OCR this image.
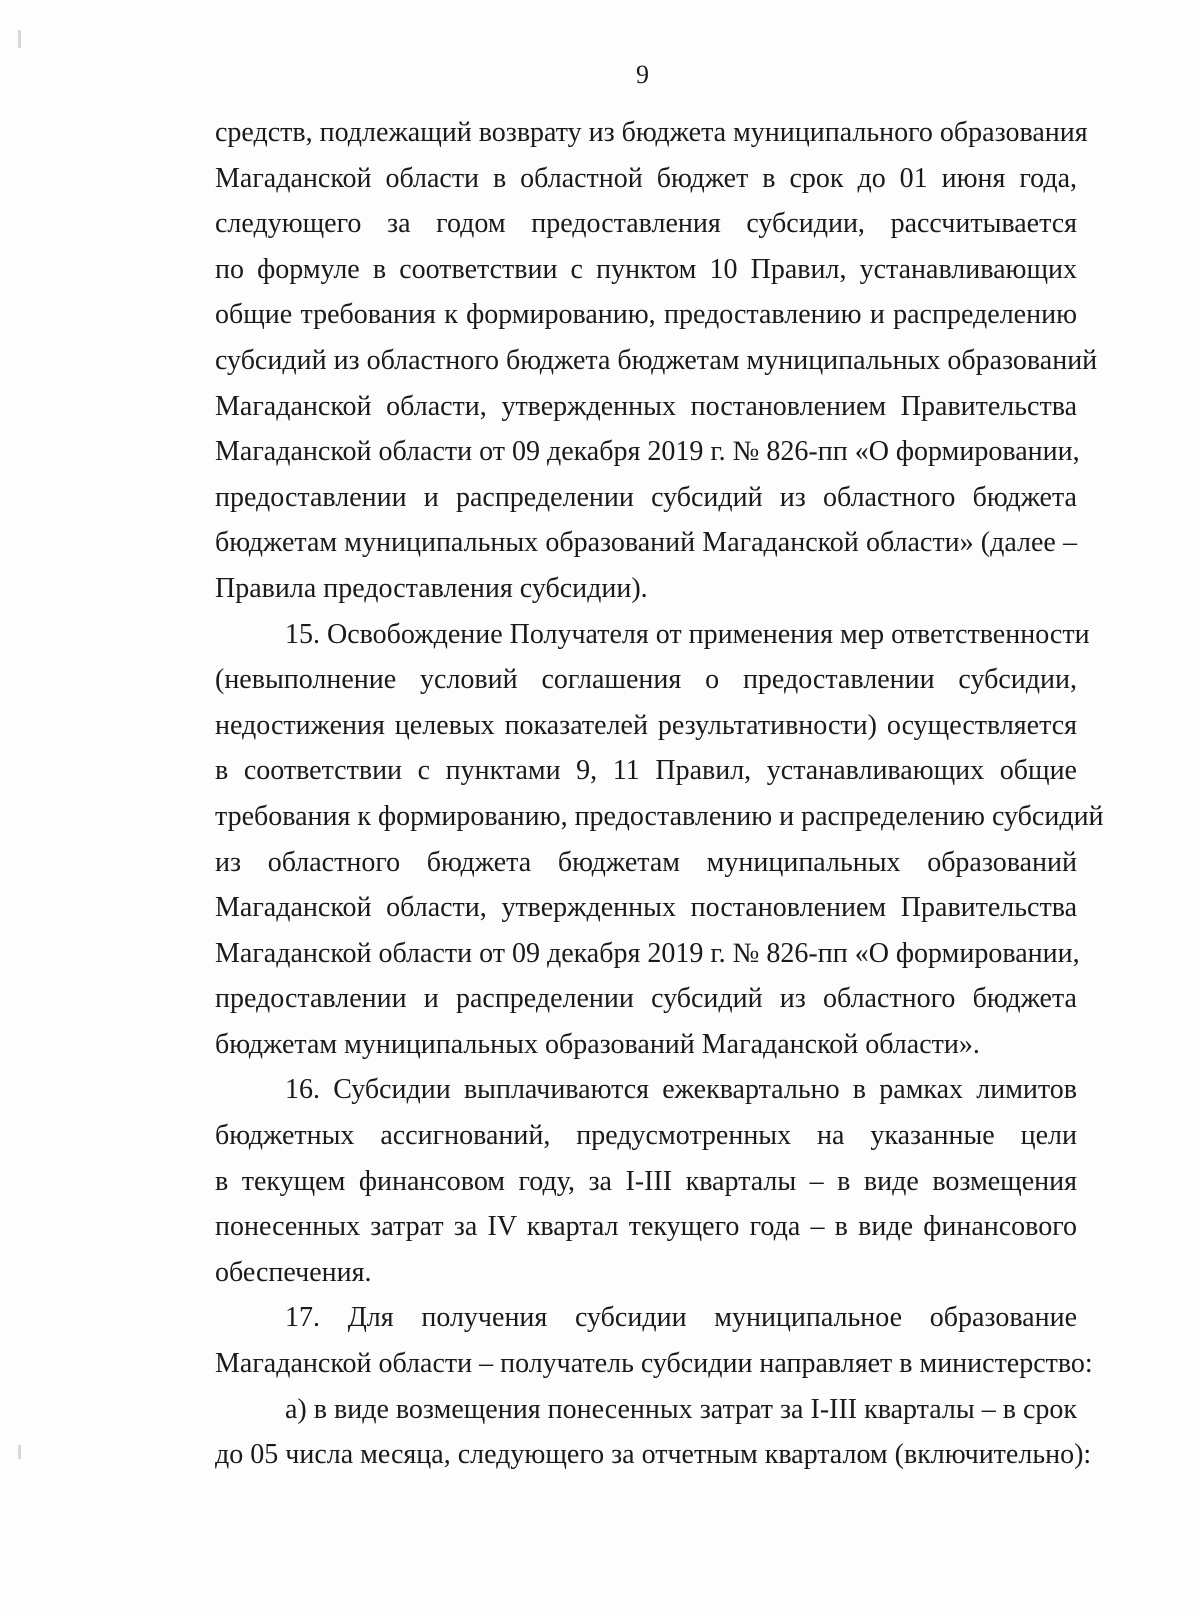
9
средств, подлежащий возврату из бюджета муниципального образования
Магаданской области в областной бюджет в срок до 01 июня года,
следующего за годом предоставления субсидии, рассчитывается
по формуле в соответствии с пунктом 10 Правил, устанавливающих
общие требования к формированию, предоставлению и распределению
субсидий из областного бюджета бюджетам муниципальных образований
Магаданской области, утвержденных постановлением Правительства
Магаданской области от 09 декабря 2019 г. № 826-пп «О формировании,
предоставлении и распределении субсидий из областного бюджета
бюджетам муниципальных образований Магаданской области» (далее –
Правила предоставления субсидии).
15. Освобождение Получателя от применения мер ответственности
(невыполнение условий соглашения о предоставлении субсидии,
недостижения целевых показателей результативности) осуществляется
в соответствии с пунктами 9, 11 Правил, устанавливающих общие
требования к формированию, предоставлению и распределению субсидий
из областного бюджета бюджетам муниципальных образований
Магаданской области, утвержденных постановлением Правительства
Магаданской области от 09 декабря 2019 г. № 826-пп «О формировании,
предоставлении и распределении субсидий из областного бюджета
бюджетам муниципальных образований Магаданской области».
16. Субсидии выплачиваются ежеквартально в рамках лимитов
бюджетных ассигнований, предусмотренных на указанные цели
в текущем финансовом году, за I-III кварталы – в виде возмещения
понесенных затрат за IV квартал текущего года – в виде финансового
обеспечения.
17. Для получения субсидии муниципальное образование
Магаданской области – получатель субсидии направляет в министерство:
а) в виде возмещения понесенных затрат за I-III кварталы – в срок
до 05 числа месяца, следующего за отчетным кварталом (включительно):
